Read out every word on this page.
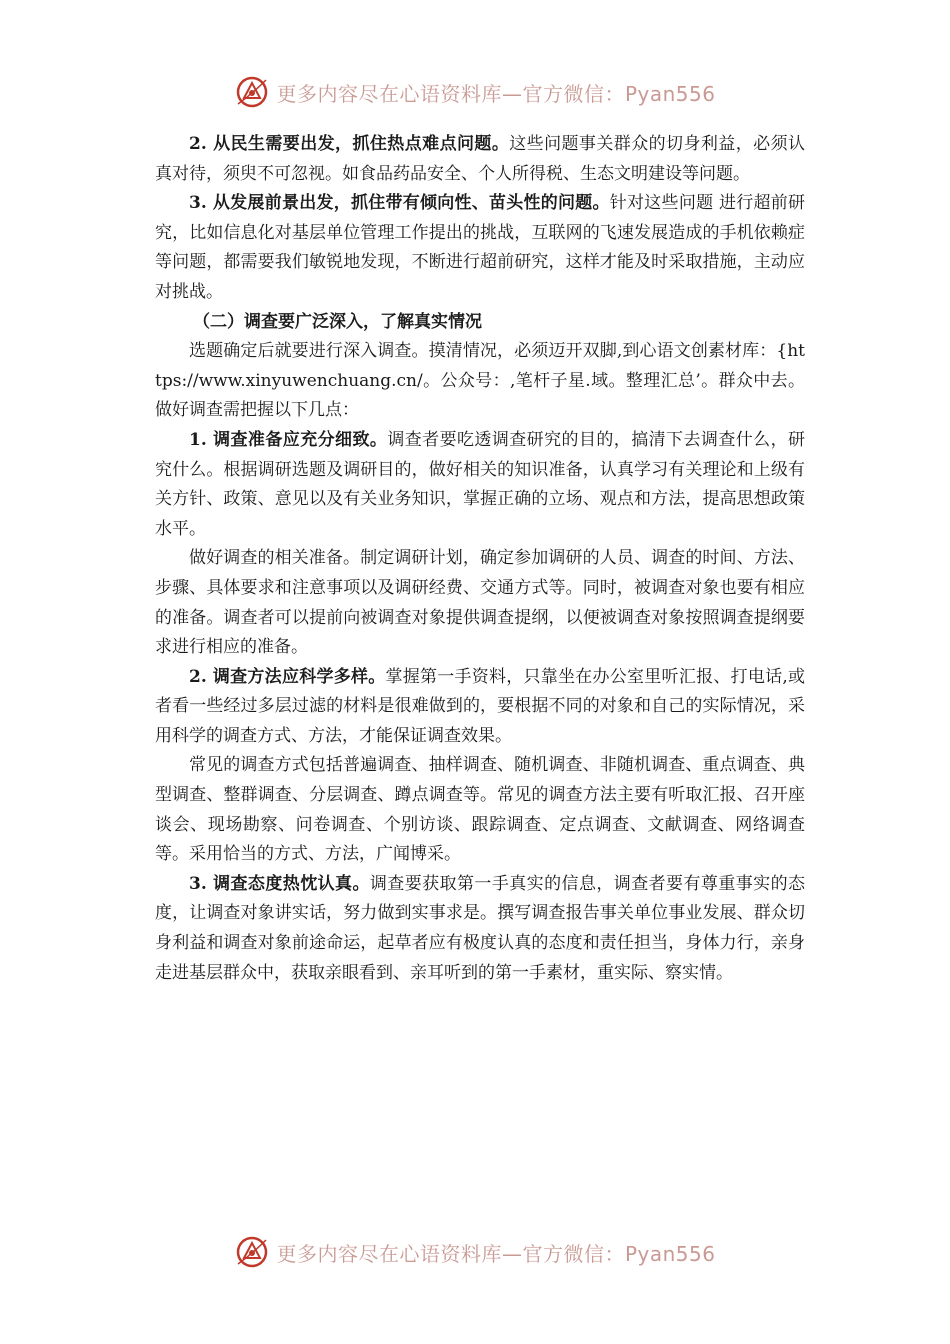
更多内容尽在心语资料库—官方微信：Pyan556

2. 从民生需要出发，抓住热点难点问题。这些问题事关群众的切身利益，必须认真对待，须臾不可忽视。如食品药品安全、个人所得税、生态文明建设等问题。

3. 从发展前景出发，抓住带有倾向性、苗头性的问题。针对这些问题 进行超前研究，比如信息化对基层单位管理工作提出的挑战，互联网的飞速发展造成的手机依赖症等问题，都需要我们敏锐地发现，不断进行超前研究，这样才能及时采取措施，主动应对挑战。

（二）调查要广泛深入，了解真实情况

选题确定后就要进行深入调查。摸清情况，必须迈开双脚,到心语文创素材库：{https://www.xinyuwenchuang.cn/。公众号：,笔杆子星.域。整理汇总’。群众中去。做好调查需把握以下几点：

1. 调查准备应充分细致。调查者要吃透调查研究的目的，搞清下去调查什么，研究什么。根据调研选题及调研目的，做好相关的知识准备，认真学习有关理论和上级有关方针、政策、意见以及有关业务知识，掌握正确的立场、观点和方法，提高思想政策水平。

做好调查的相关准备。制定调研计划，确定参加调研的人员、调查的时间、方法、步骤、具体要求和注意事项以及调研经费、交通方式等。同时，被调查对象也要有相应的准备。调查者可以提前向被调查对象提供调查提纲，以便被调查对象按照调查提纲要求进行相应的准备。

2. 调查方法应科学多样。掌握第一手资料，只靠坐在办公室里听汇报、打电话,或者看一些经过多层过滤的材料是很难做到的，要根据不同的对象和自己的实际情况，采用科学的调查方式、方法，才能保证调查效果。

常见的调查方式包括普遍调查、抽样调查、随机调查、非随机调查、重点调查、典型调查、整群调查、分层调查、蹲点调查等。常见的调查方法主要有听取汇报、召开座谈会、现场勘察、问卷调查、个别访谈、跟踪调查、定点调查、文献调查、网络调查等。采用恰当的方式、方法，广闻博采。

3. 调查态度热忱认真。调查要获取第一手真实的信息，调查者要有尊重事实的态度，让调查对象讲实话，努力做到实事求是。撰写调查报告事关单位事业发展、群众切身利益和调查对象前途命运，起草者应有极度认真的态度和责任担当，身体力行，亲身走进基层群众中，获取亲眼看到、亲耳听到的第一手素材，重实际、察实情。

更多内容尽在心语资料库—官方微信：Pyan556
